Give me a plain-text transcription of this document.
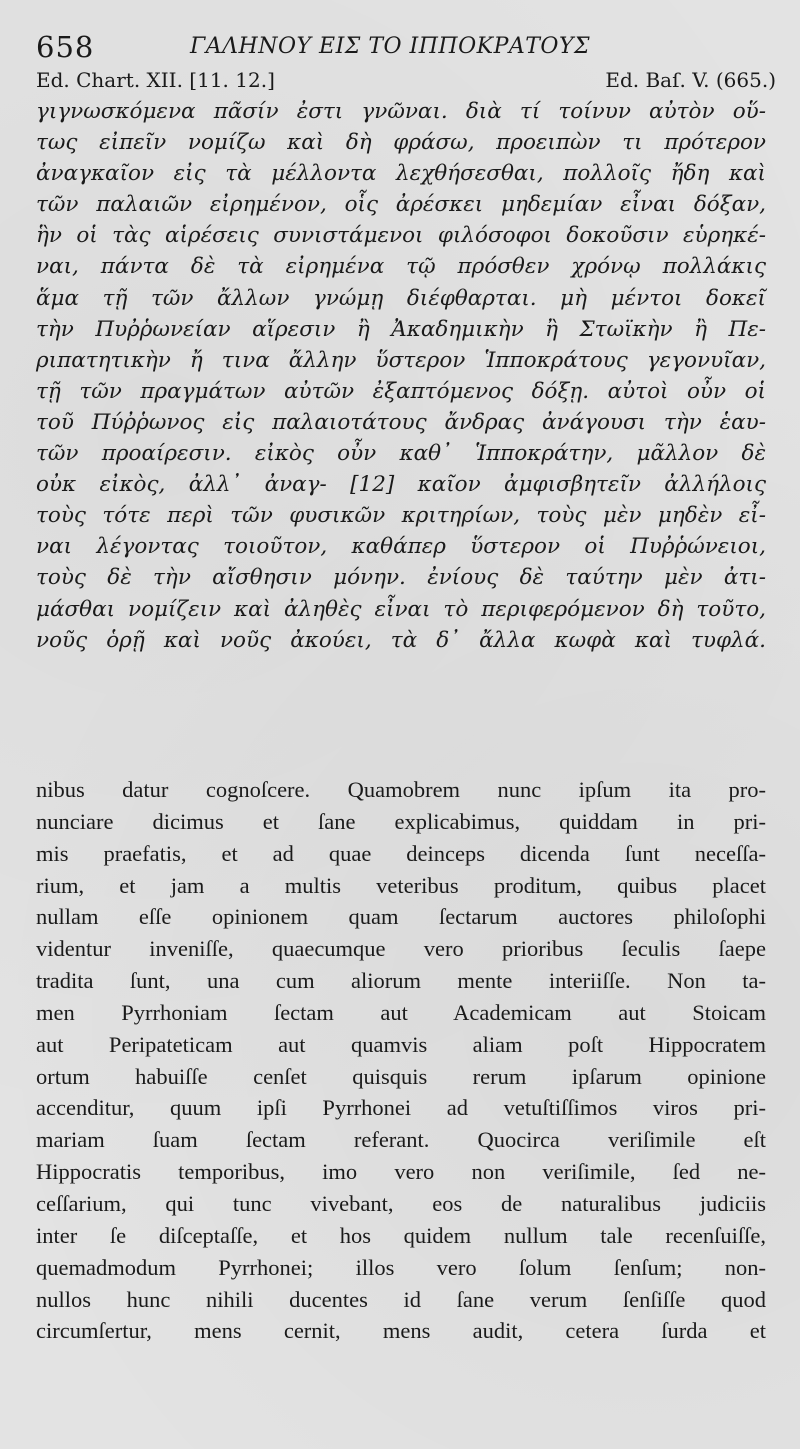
658	ΓΑΛΗΝΟΥ ΕΙΣ ΤΟ ΙΠΠΟΚΡΑΤΟΥΣ
Ed. Chart. XII. [11. 12.]	Ed. Baſ. V. (665.)
γιγνωσκόμενα πᾶσίν ἐστι γνῶναι. διὰ τί τοίνυν αὐτὸν οὕ-
τως εἰπεῖν νομίζω καὶ δὴ φράσω, προειπὼν τι πρότερον
ἀναγκαῖον εἰς τὰ μέλλοντα λεχθήσεσθαι, πολλοῖς ἤδη καὶ
τῶν παλαιῶν εἰρημένον, οἷς ἀρέσκει μηδεμίαν εἶναι δόξαν,
ἣν οἱ τὰς αἱρέσεις συνιστάμενοι φιλόσοφοι δοκοῦσιν εὑρηκέ-
ναι, πάντα δὲ τὰ εἰρημένα τῷ πρόσθεν χρόνῳ πολλάκις
ἅμα τῇ τῶν ἄλλων γνώμῃ διέφθαρται. μὴ μέντοι δοκεῖ
τὴν Πυῤῥωνείαν αἵρεσιν ἢ Ἀκαδημικὴν ἢ Στωϊκὴν ἢ Πε-
ριπατητικὴν ἤ τινα ἄλλην ὕστερον Ἱπποκράτους γεγονυῖαν,
τῇ τῶν πραγμάτων αὐτῶν ἐξαπτόμενος δόξῃ. αὐτοὶ οὖν οἱ
τοῦ Πύῤῥωνος εἰς παλαιοτάτους ἄνδρας ἀνάγουσι τὴν ἑαυ-
τῶν προαίρεσιν. εἰκὸς οὖν καθ᾽ Ἱπποκράτην, μᾶλλον δὲ
οὐκ εἰκὸς, ἀλλ᾽ ἀναγ- [12] καῖον ἀμφισβητεῖν ἀλλήλοις
τοὺς τότε περὶ τῶν φυσικῶν κριτηρίων, τοὺς μὲν μηδὲν εἶ-
ναι λέγοντας τοιοῦτον, καθάπερ ὕστερον οἱ Πυῤῥώνειοι,
τοὺς δὲ τὴν αἴσθησιν μόνην. ἐνίους δὲ ταύτην μὲν ἀτι-
μάσθαι νομίζειν καὶ ἀληθὲς εἶναι τὸ περιφερόμενον δὴ τοῦτο,
νοῦς ὁρῇ καὶ νοῦς ἀκούει, τὰ δ᾽ ἄλλα κωφὰ καὶ τυφλά.
nibus datur cognoſcere. Quamobrem nunc ipſum ita pro-
nunciare dicimus et ſane explicabimus, quiddam in pri-
mis praefatis, et ad quae deinceps dicenda ſunt neceſſa-
rium, et jam a multis veteribus proditum, quibus placet
nullam eſſe opinionem quam ſectarum auctores philoſophi
videntur inveniſſe, quaecumque vero prioribus ſeculis ſaepe
tradita ſunt, una cum aliorum mente interiiſſe. Non ta-
men Pyrrhoniam ſectam aut Academicam aut Stoicam
aut Peripateticam aut quamvis aliam poſt Hippocratem
ortum habuiſſe cenſet quisquis rerum ipſarum opinione
accenditur, quum ipſi Pyrrhonei ad vetuſtiſſimos viros pri-
mariam ſuam ſectam referant. Quocirca veriſimile eſt
Hippocratis temporibus, imo vero non veriſimile, ſed ne-
ceſſarium, qui tunc vivebant, eos de naturalibus judiciis
inter ſe diſceptaſſe, et hos quidem nullum tale recenſuiſſe,
quemadmodum Pyrrhonei; illos vero ſolum ſenſum; non-
nullos hunc nihili ducentes id ſane verum ſenſiſſe quod
circumſertur, mens cernit, mens audit, cetera ſurda et
